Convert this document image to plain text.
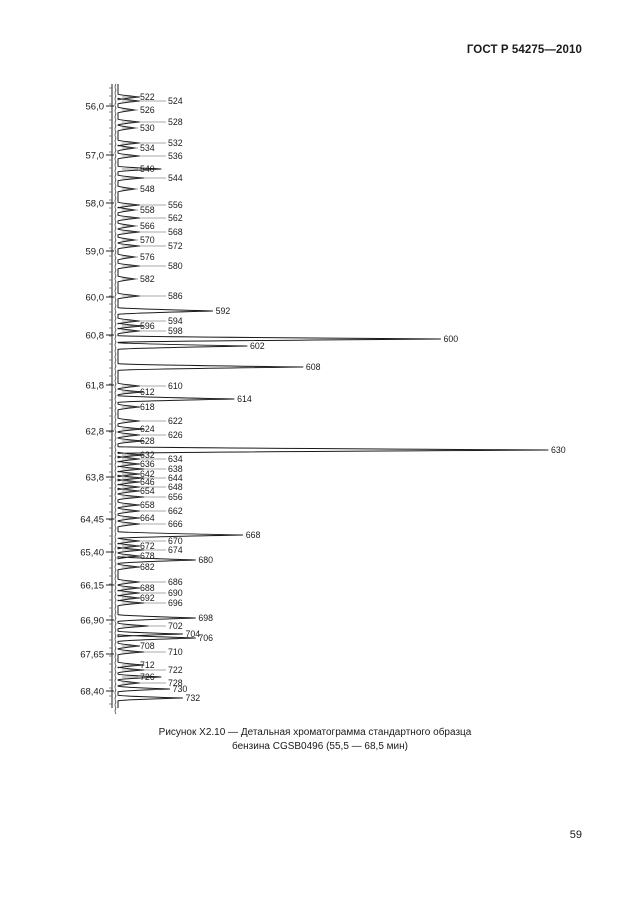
ГОСТ Р 54275—2010
56,0
57,0
58,0
59,0
60,0
60,8
61,8
62,8
63,8
64,45
65,40
66,15
66,90
67,65
68,40
522 524
526
528
530
532
534
536
540
544
548
556
558
562
566
568
570
572
576
580
582
586
592
594
596 598
600
602
608
610
612
614
618
622
624
626
628
630
632 634
636 638
642 644
646 648
654
656
658
662
664
666
668
670
672 674
678	680
682
686
688 690
692 696
698
702
704
706
708
710
712 722
726
728
730
732
Рисунок Х2.10 — Детальная хроматограмма стандартного образца
бензина CGSB0496 (55,5 — 68,5 мин)
59
